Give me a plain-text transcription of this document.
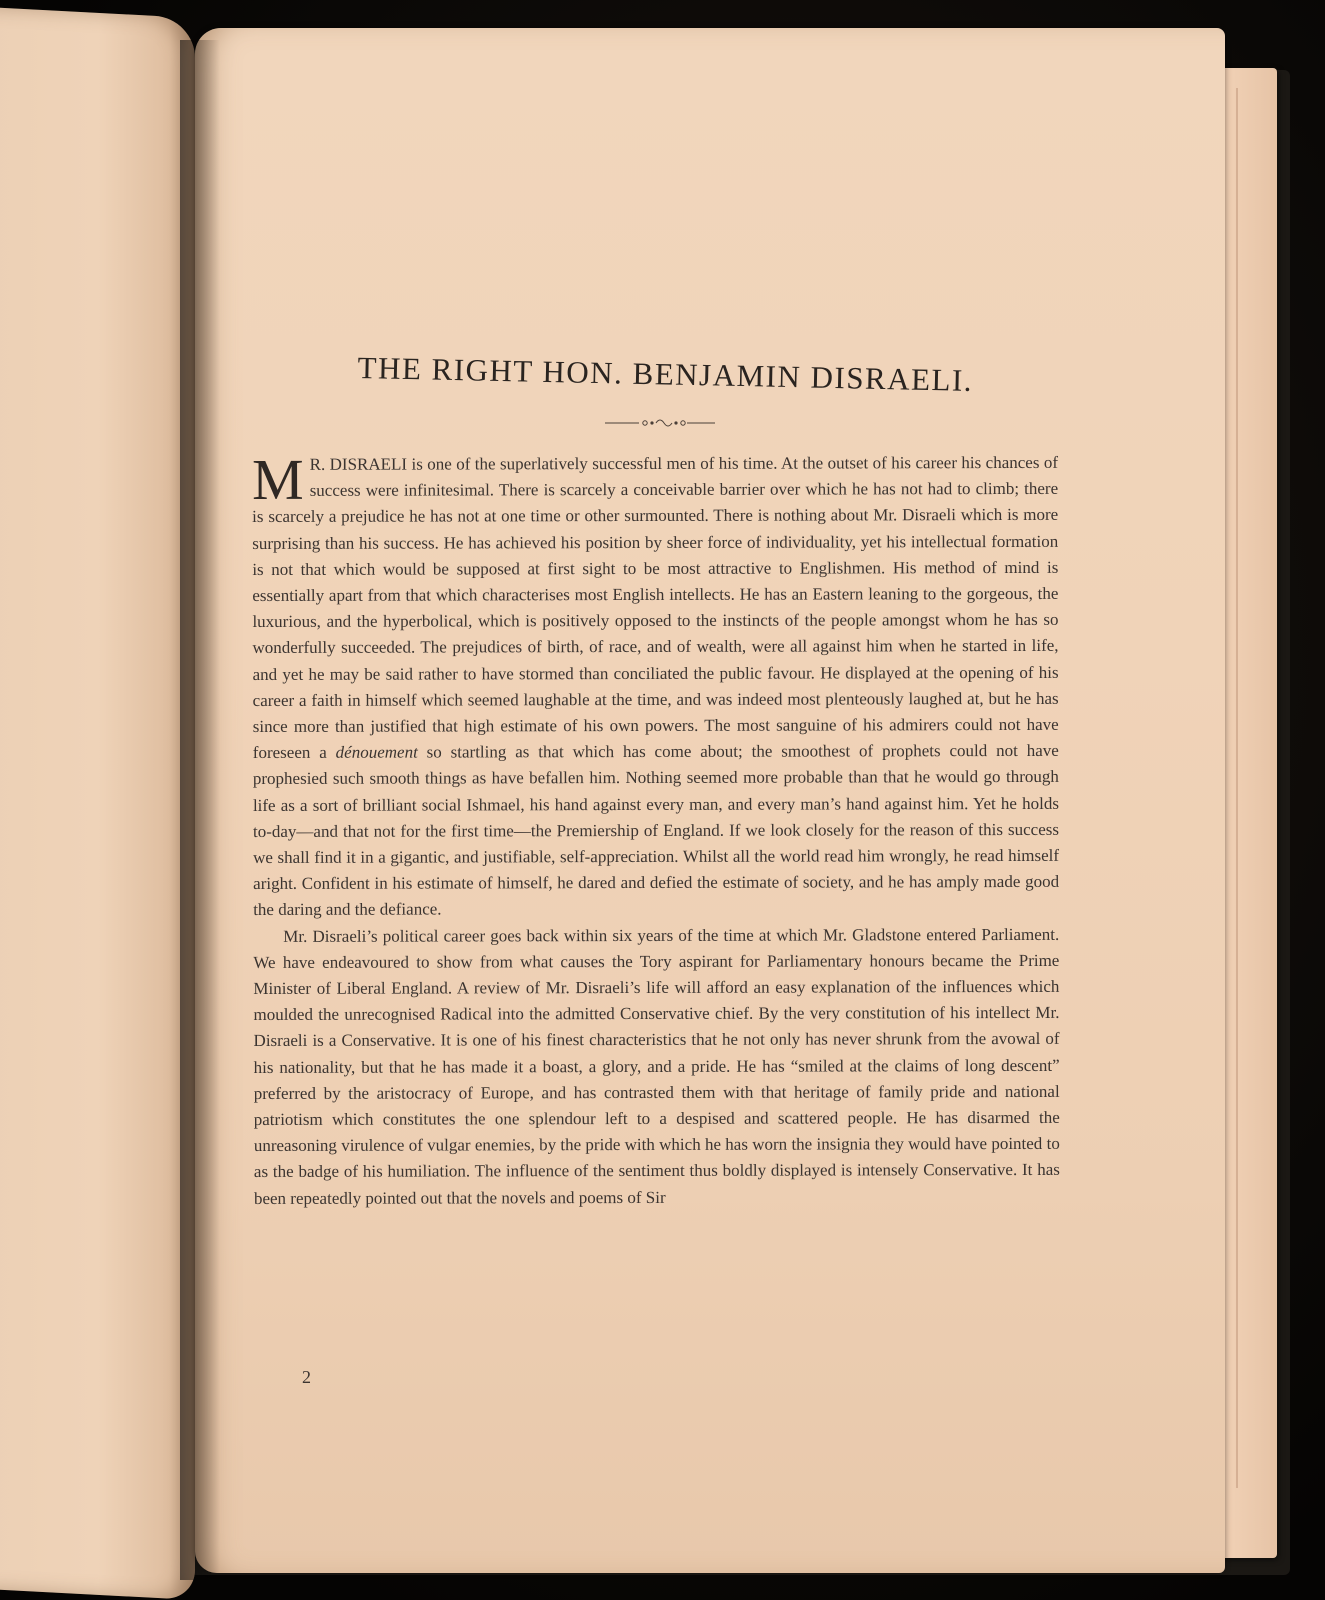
THE RIGHT HON. BENJAMIN DISRAELI.

M R. DISRAELI is one of the superlatively successful men of his time. At the outset of his career his chances of success were infinitesimal. There is scarcely a conceivable barrier over which he has not had to climb; there is scarcely a prejudice he has not at one time or other surmounted. There is nothing about Mr. Disraeli which is more surprising than his success. He has achieved his position by sheer force of individuality, yet his intellectual formation is not that which would be supposed at first sight to be most attractive to Englishmen. His method of mind is essentially apart from that which characterises most English intellects. He has an Eastern leaning to the gorgeous, the luxurious, and the hyperbolical, which is positively opposed to the instincts of the people amongst whom he has so wonderfully succeeded. The prejudices of birth, of race, and of wealth, were all against him when he started in life, and yet he may be said rather to have stormed than conciliated the public favour. He displayed at the opening of his career a faith in himself which seemed laughable at the time, and was indeed most plenteously laughed at, but he has since more than justified that high estimate of his own powers. The most sanguine of his admirers could not have foreseen a dénouement so startling as that which has come about; the smoothest of prophets could not have prophesied such smooth things as have befallen him. Nothing seemed more probable than that he would go through life as a sort of brilliant social Ishmael, his hand against every man, and every man’s hand against him. Yet he holds to-day—and that not for the first time—the Premiership of England. If we look closely for the reason of this success we shall find it in a gigantic, and justifiable, self-appreciation. Whilst all the world read him wrongly, he read himself aright. Confident in his estimate of himself, he dared and defied the estimate of society, and he has amply made good the daring and the defiance.

Mr. Disraeli’s political career goes back within six years of the time at which Mr. Gladstone entered Parliament. We have endeavoured to show from what causes the Tory aspirant for Parliamentary honours became the Prime Minister of Liberal England. A review of Mr. Disraeli’s life will afford an easy explanation of the influences which moulded the unrecognised Radical into the admitted Conservative chief. By the very constitution of his intellect Mr. Disraeli is a Conservative. It is one of his finest characteristics that he not only has never shrunk from the avowal of his nationality, but that he has made it a boast, a glory, and a pride. He has “smiled at the claims of long descent” preferred by the aristocracy of Europe, and has contrasted them with that heritage of family pride and national patriotism which constitutes the one splendour left to a despised and scattered people. He has disarmed the unreasoning virulence of vulgar enemies, by the pride with which he has worn the insignia they would have pointed to as the badge of his humiliation. The influence of the sentiment thus boldly displayed is intensely Conservative. It has been repeatedly pointed out that the novels and poems of Sir

2
